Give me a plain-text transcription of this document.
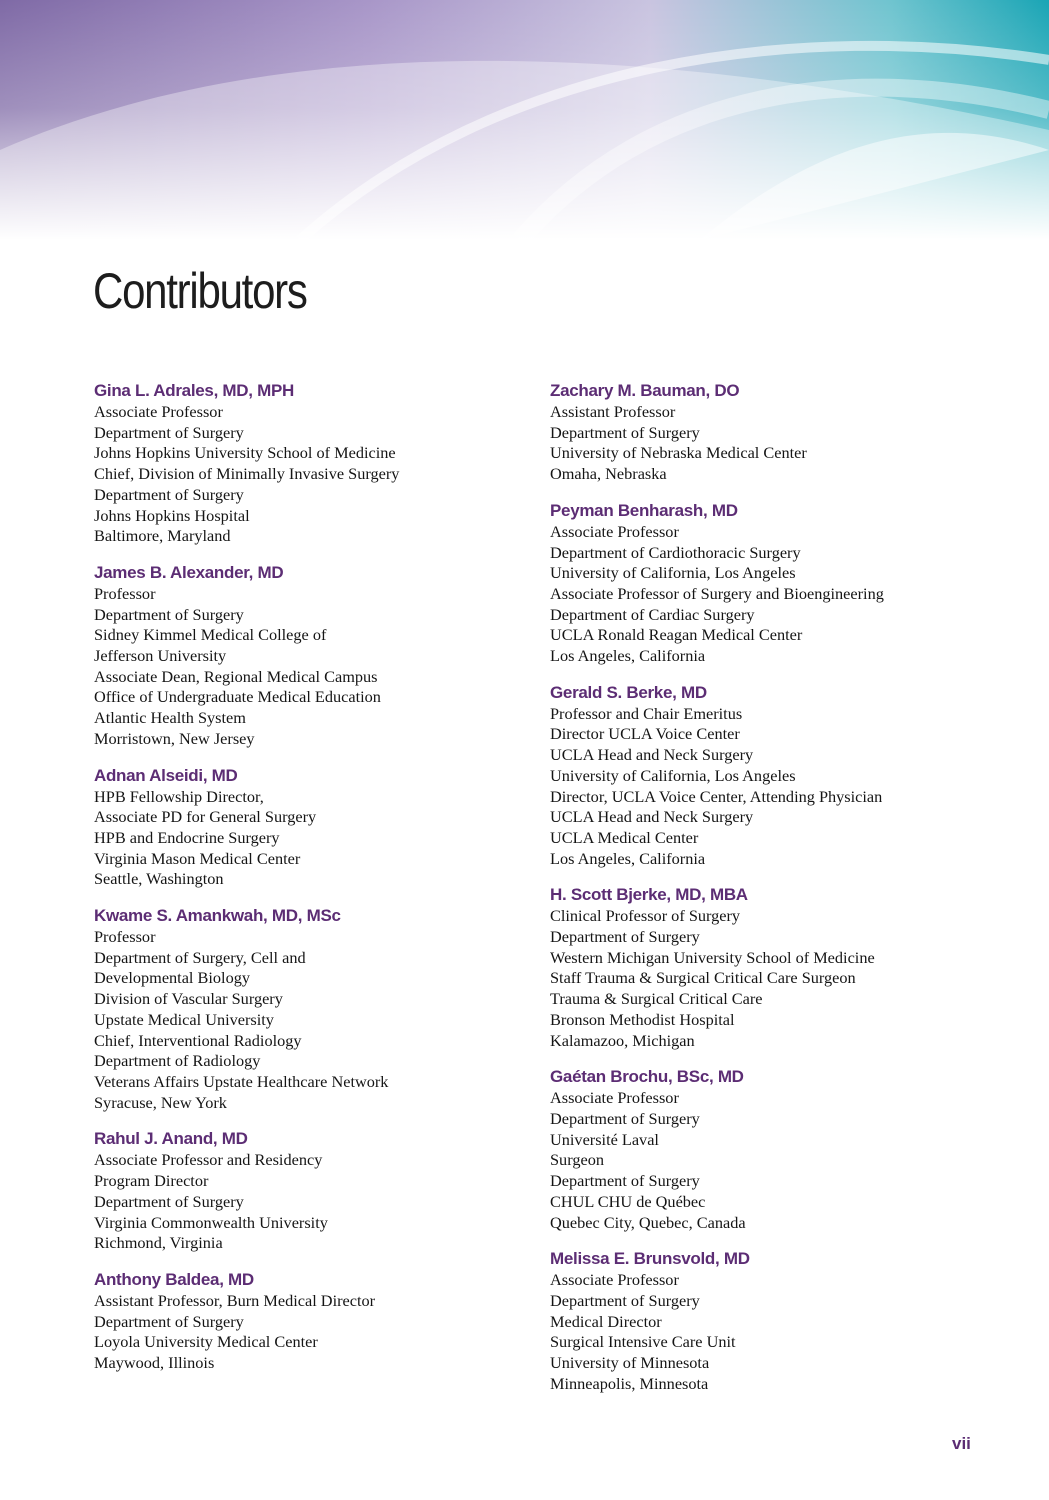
Contributors
Gina L. Adrales, MD, MPH
Associate Professor
Department of Surgery
Johns Hopkins University School of Medicine
Chief, Division of Minimally Invasive Surgery
Department of Surgery
Johns Hopkins Hospital
Baltimore, Maryland
James B. Alexander, MD
Professor
Department of Surgery
Sidney Kimmel Medical College of
Jefferson University
Associate Dean, Regional Medical Campus
Office of Undergraduate Medical Education
Atlantic Health System
Morristown, New Jersey
Adnan Alseidi, MD
HPB Fellowship Director,
Associate PD for General Surgery
HPB and Endocrine Surgery
Virginia Mason Medical Center
Seattle, Washington
Kwame S. Amankwah, MD, MSc
Professor
Department of Surgery, Cell and
Developmental Biology
Division of Vascular Surgery
Upstate Medical University
Chief, Interventional Radiology
Department of Radiology
Veterans Affairs Upstate Healthcare Network
Syracuse, New York
Rahul J. Anand, MD
Associate Professor and Residency
Program Director
Department of Surgery
Virginia Commonwealth University
Richmond, Virginia
Anthony Baldea, MD
Assistant Professor, Burn Medical Director
Department of Surgery
Loyola University Medical Center
Maywood, Illinois
Zachary M. Bauman, DO
Assistant Professor
Department of Surgery
University of Nebraska Medical Center
Omaha, Nebraska
Peyman Benharash, MD
Associate Professor
Department of Cardiothoracic Surgery
University of California, Los Angeles
Associate Professor of Surgery and Bioengineering
Department of Cardiac Surgery
UCLA Ronald Reagan Medical Center
Los Angeles, California
Gerald S. Berke, MD
Professor and Chair Emeritus
Director UCLA Voice Center
UCLA Head and Neck Surgery
University of California, Los Angeles
Director, UCLA Voice Center, Attending Physician
UCLA Head and Neck Surgery
UCLA Medical Center
Los Angeles, California
H. Scott Bjerke, MD, MBA
Clinical Professor of Surgery
Department of Surgery
Western Michigan University School of Medicine
Staff Trauma & Surgical Critical Care Surgeon
Trauma & Surgical Critical Care
Bronson Methodist Hospital
Kalamazoo, Michigan
Gaétan Brochu, BSc, MD
Associate Professor
Department of Surgery
Université Laval
Surgeon
Department of Surgery
CHUL CHU de Québec
Quebec City, Quebec, Canada
Melissa E. Brunsvold, MD
Associate Professor
Department of Surgery
Medical Director
Surgical Intensive Care Unit
University of Minnesota
Minneapolis, Minnesota
vii
